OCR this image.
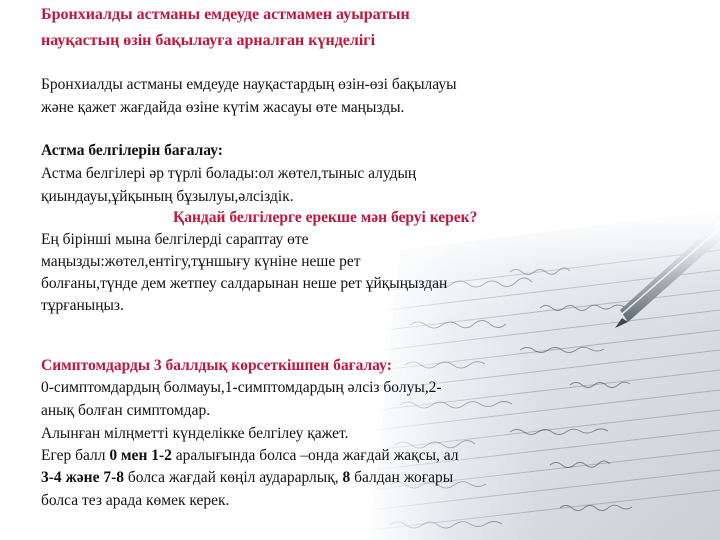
Бронхиалды астманы емдеуде астмамен ауыратын
науқастың өзін бақылауға арналған күнделігі
Бронхиалды астманы емдеуде науқастардың өзін-өзі бақылауы
және қажет жағдайда өзіне күтім жасауы өте маңызды.
Астма белгілерін бағалау:
Астма белгілері әр түрлі болады:ол жөтел,тыныс алудың
қиындауы,ұйқының бұзылуы,әлсіздік.
Қандай белгілерге ерекше мән беруі керек?
Ең бірінші мына белгілерді сараптау өте
маңызды:жөтел,ентігу,тұншығу күніне неше рет
болғаны,түнде дем жетпеу салдарынан неше рет ұйқыңыздан
тұрғаныңыз.
Симптомдарды 3 баллдық көрсеткішпен бағалау:
0-симптомдардың болмауы,1-симптомдардың әлсіз болуы,2-
анық болған симптомдар.
Алынған мілңметті күнделікке белгілеу қажет.
Егер балл 0 мен 1-2 аралығында болса –онда жағдай жақсы, ал
3-4 және 7-8 болса жағдай көңіл аударарлық, 8 балдан жоғары
болса тез арада көмек керек.
